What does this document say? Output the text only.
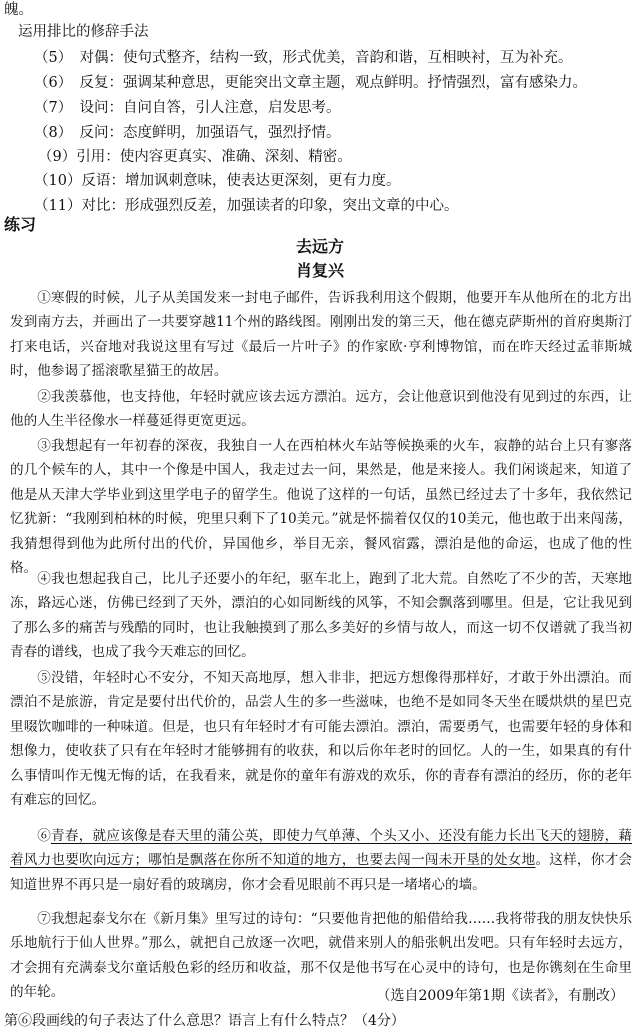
魄。
运用排比的修辞手法
（5）　对偶：使句式整齐，结构一致，形式优美，音韵和谐，互相映衬，互为补充。
（6）　反复：强调某种意思，更能突出文章主题，观点鲜明。抒情强烈，富有感染力。
（7）　设问：自问自答，引人注意，启发思考。
（8）　反问：态度鲜明，加强语气，强烈抒情。
（9）引用：使内容更真实、准确、深刻、精密。
（10）反语：增加讽刺意味，使表达更深刻，更有力度。
（11）对比：形成强烈反差，加强读者的印象，突出文章的中心。
练习
去远方
肖复兴
①寒假的时候，儿子从美国发来一封电子邮件，告诉我利用这个假期，他要开车从他所在的北方出发到南方去，并画出了一共要穿越11个州的路线图。刚刚出发的第三天，他在德克萨斯州的首府奥斯汀打来电话，兴奋地对我说这里有写过《最后一片叶子》的作家欧·亨利博物馆，而在昨天经过孟菲斯城时，他参谒了摇滚歌星猫王的故居。
②我羡慕他，也支持他，年轻时就应该去远方漂泊。远方，会让他意识到他没有见到过的东西，让他的人生半径像水一样蔓延得更宽更远。
③我想起有一年初春的深夜，我独自一人在西柏林火车站等候换乘的火车，寂静的站台上只有寥落的几个候车的人，其中一个像是中国人，我走过去一问，果然是，他是来接人。我们闲谈起来，知道了他是从天津大学毕业到这里学电子的留学生。他说了这样的一句话，虽然已经过去了十多年，我依然记忆犹新：“我刚到柏林的时候，兜里只剩下了10美元。”就是怀揣着仅仅的10美元，他也敢于出来闯荡，我猜想得到他为此所付出的代价，异国他乡，举目无亲，餐风宿露，漂泊是他的命运，也成了他的性格。
④我也想起我自己，比儿子还要小的年纪，驱车北上，跑到了北大荒。自然吃了不少的苦，天寒地冻，路远心迷，仿佛已经到了天外，漂泊的心如同断线的风筝，不知会飘落到哪里。但是，它让我见到了那么多的痛苦与残酷的同时，也让我触摸到了那么多美好的乡情与故人，而这一切不仅谱就了我当初青春的谱线，也成了我今天难忘的回忆。
⑤没错，年轻时心不安分，不知天高地厚，想入非非，把远方想像得那样好，才敢于外出漂泊。而漂泊不是旅游，肯定是要付出代价的，品尝人生的多一些滋味，也绝不是如同冬天坐在暖烘烘的星巴克里啜饮咖啡的一种味道。但是，也只有年轻时才有可能去漂泊。漂泊，需要勇气，也需要年轻的身体和想像力，使收获了只有在年轻时才能够拥有的收获，和以后你年老时的回忆。人的一生，如果真的有什么事情叫作无愧无悔的话，在我看来，就是你的童年有游戏的欢乐，你的青春有漂泊的经历，你的老年有难忘的回忆。
⑥青春，就应该像是春天里的蒲公英，即使力气单薄、个头又小、还没有能力长出飞天的翅膀，藉着风力也要吹向远方；哪怕是飘落在你所不知道的地方，也要去闯一闯未开垦的处女地。这样，你才会知道世界不再只是一扇好看的玻璃房，你才会看见眼前不再只是一堵堵心的墙。
⑦我想起泰戈尔在《新月集》里写过的诗句：“只要他肯把他的船借给我……我将带我的朋友快快乐乐地航行于仙人世界。”那么，就把自己放逐一次吧，就借来别人的船张帆出发吧。只有年轻时去远方，才会拥有充满泰戈尔童话般色彩的经历和收益，那不仅是他书写在心灵中的诗句，也是你镌刻在生命里的年轮。	（选自2009年第1期《读者》，有删改）
第⑥段画线的句子表达了什么意思？语言上有什么特点？（4分）
